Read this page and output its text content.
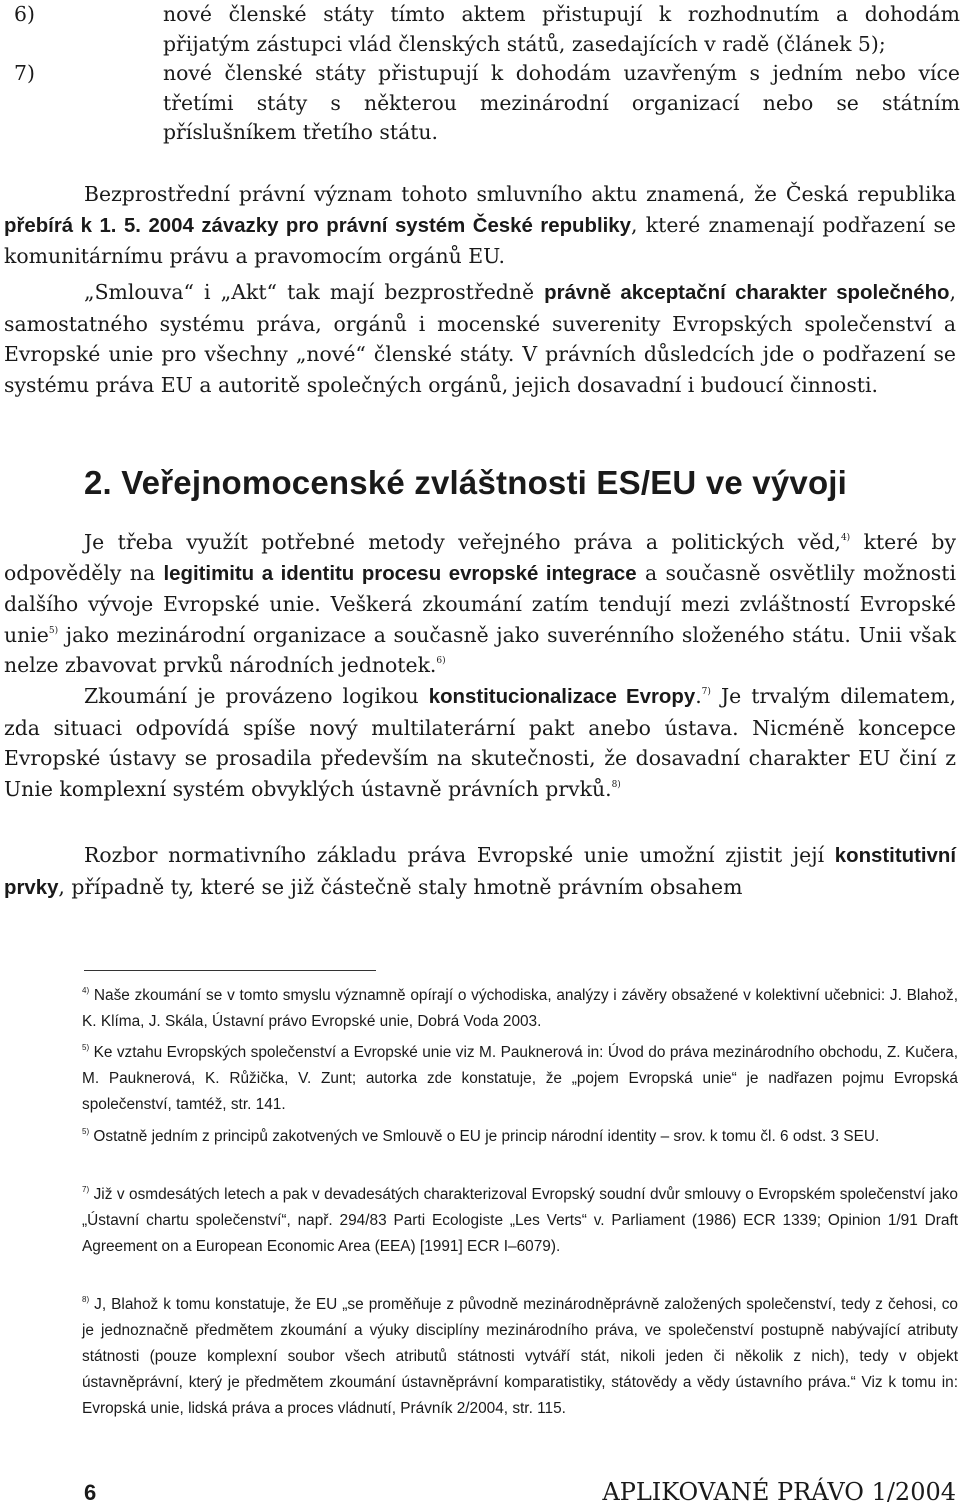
6)	nové členské státy tímto aktem přistupují k rozhodnutím a dohodám přijatým zástupci vlád členských států, zasedajících v radě (článek 5);
7)	nové členské státy přistupují k dohodám uzavřeným s jedním nebo více třetími státy s některou mezinárodní organizací nebo se státním příslušníkem třetího státu.

Bezprostřední právní význam tohoto smluvního aktu znamená, že Česká republika přebírá k 1. 5. 2004 závazky pro právní systém České republiky, které znamenají podřazení se komunitárnímu právu a pravomocím orgánů EU.

„Smlouva“ i „Akt“ tak mají bezprostředně právně akceptační charakter společného, samostatného systému práva, orgánů i mocenské suverenity Evropských společenství a Evropské unie pro všechny „nové“ členské státy. V právních důsledcích jde o podřazení se systému práva EU a autoritě společných orgánů, jejich dosavadní i budoucí činnosti.

2. Veřejnomocenské zvláštnosti ES/EU ve vývoji

Je třeba využít potřebné metody veřejného práva a politických věd,$^{4)}$ které by odpověděly na legitimitu a identitu procesu evropské integrace a současně osvětlily možnosti dalšího vývoje Evropské unie. Veškerá zkoumání zatím tendují mezi zvláštností Evropské unie$^{5)}$ jako mezinárodní organizace a současně jako suverénního složeného státu. Unii však nelze zbavovat prvků národních jednotek.$^{6)}$

Zkoumání je provázeno logikou konstitucionalizace Evropy.$^{7)}$ Je trvalým dilematem, zda situaci odpovídá spíše nový multilaterární pakt anebo ústava. Nicméně koncepce Evropské ústavy se prosadila především na skutečnosti, že dosavadní charakter EU činí z Unie komplexní systém obvyklých ústavně právních prvků.$^{8)}$

Rozbor normativního základu práva Evropské unie umožní zjistit její konstitutivní prvky, případně ty, které se již částečně staly hmotně právním obsahem

$^{4)}$ Naše zkoumání se v tomto smyslu významně opírají o východiska, analýzy i závěry obsažené v kolektivní učebnici: J. Blahož, K. Klíma, J. Skála, Ústavní právo Evropské unie, Dobrá Voda 2003.
$^{5)}$ Ke vztahu Evropských společenství a Evropské unie viz M. Pauknerová in: Úvod do práva mezinárodního obchodu, Z. Kučera, M. Pauknerová, K. Růžička, V. Zunt; autorka zde konstatuje, že „pojem Evropská unie“ je nadřazen pojmu Evropská společenství, tamtéž, str. 141.
$^{5)}$ Ostatně jedním z principů zakotvených ve Smlouvě o EU je princip národní identity – srov. k tomu čl. 6 odst. 3 SEU.
$^{7)}$ Již v osmdesátých letech a pak v devadesátých charakterizoval Evropský soudní dvůr smlouvy o Evropském společenství jako „Ústavní chartu společenství“, např. 294/83 Parti Ecologiste „Les Verts“ v. Parliament (1986) ECR 1339; Opinion 1/91 Draft Agreement on a European Economic Area (EEA) [1991] ECR I–6079).
$^{8)}$ J, Blahož k tomu konstatuje, že EU „se proměňuje z původně mezinárodněprávně založených společenství, tedy z čehosi, co je jednoznačně předmětem zkoumání a výuky disciplíny mezinárodního práva, ve společenství postupně nabývající atributy státnosti (pouze komplexní soubor všech atributů státnosti vytváří stát, nikoli jeden či několik z nich), tedy v objekt ústavněprávní, který je předmětem zkoumání ústavněprávní komparatistiky, státovědy a vědy ústavního práva.“ Viz k tomu in: Evropská unie, lidská práva a proces vládnutí, Právník 2/2004, str. 115.
6	APLIKOVANÉ PRÁVO 1/2004
